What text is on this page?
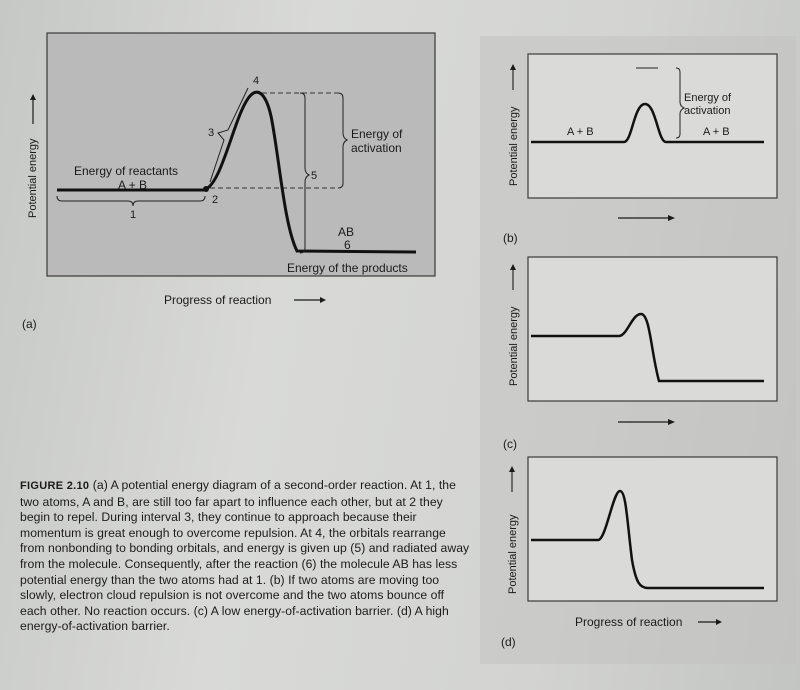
Energy of reactants
A + B
Energy of
activation
AB
6
Energy of the products
1
2
3
4
5
Progress of reaction
Potential energy
(a)
Energy of
activation
A + B	A + B
Potential energy
(b)
Potential energy
(c)
Potential energy
Progress of reaction
(d)

FIGURE 2.10 (a) A potential energy diagram of a second-order reaction. At 1, the two atoms, A and B, are still too far apart to influence each other, but at 2 they begin to repel. During interval 3, they continue to approach because their momentum is great enough to overcome repulsion. At 4, the orbitals rearrange from nonbonding to bonding orbitals, and energy is given up (5) and radiated away from the molecule. Consequently, after the reaction (6) the molecule AB has less potential energy than the two atoms had at 1. (b) If two atoms are moving too slowly, electron cloud repulsion is not overcome and the two atoms bounce off each other. No reaction occurs. (c) A low energy-of-activation barrier. (d) A high energy-of-activation barrier.
